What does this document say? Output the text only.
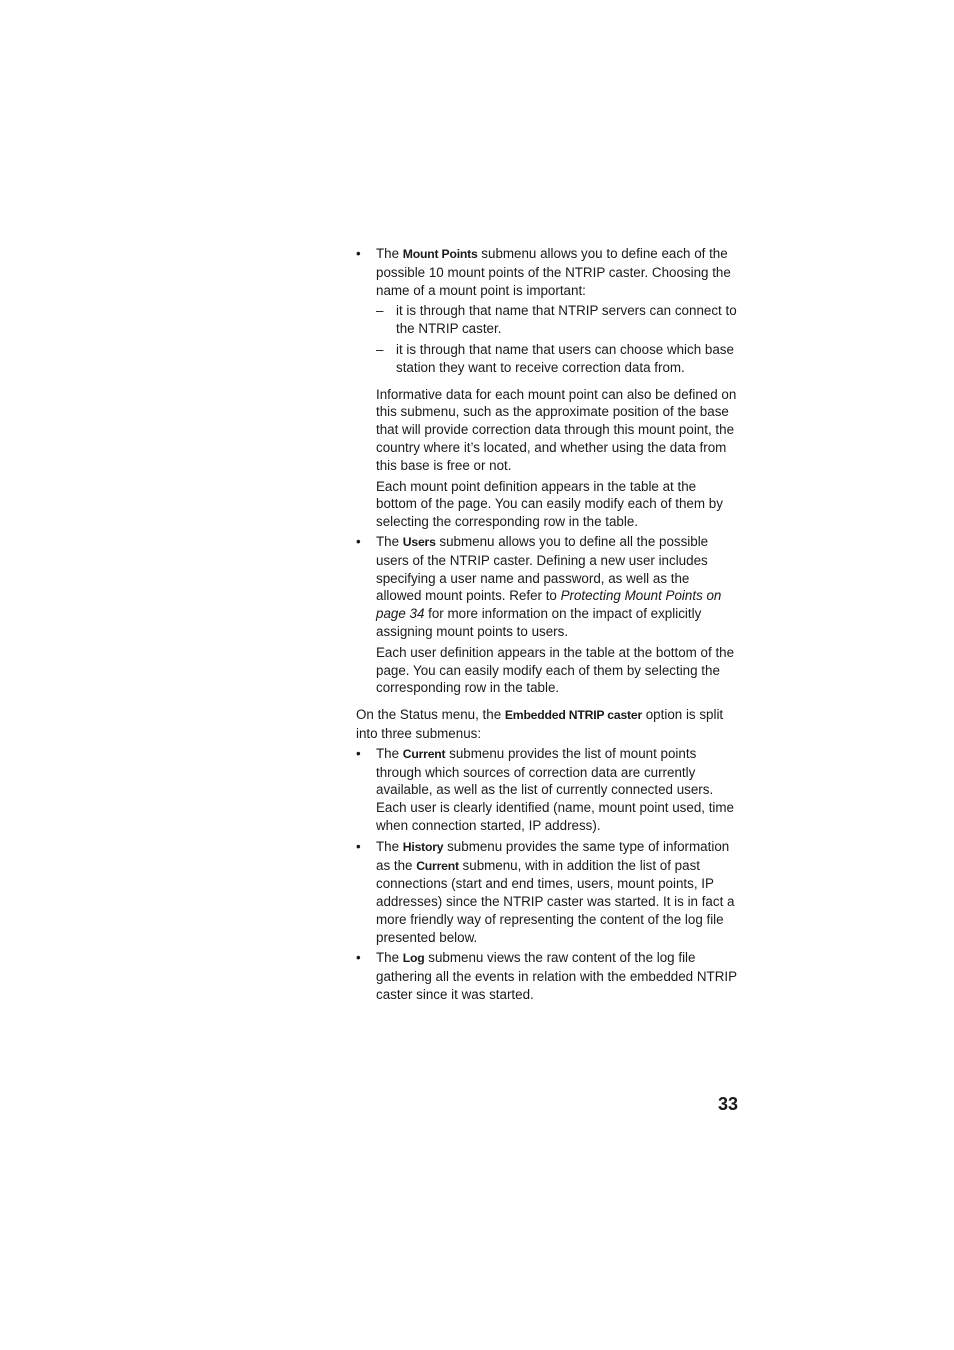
•	The Mount Points submenu allows you to define each of the possible 10 mount points of the NTRIP caster. Choosing the name of a mount point is important:
– it is through that name that NTRIP servers can connect to the NTRIP caster.
– it is through that name that users can choose which base station they want to receive correction data from.

Informative data for each mount point can also be defined on this submenu, such as the approximate position of the base that will provide correction data through this mount point, the country where it’s located, and whether using the data from this base is free or not.

Each mount point definition appears in the table at the bottom of the page. You can easily modify each of them by selecting the corresponding row in the table.

•	The Users submenu allows you to define all the possible users of the NTRIP caster. Defining a new user includes specifying a user name and password, as well as the allowed mount points. Refer to Protecting Mount Points on page 34 for more information on the impact of explicitly assigning mount points to users.

Each user definition appears in the table at the bottom of the page. You can easily modify each of them by selecting the corresponding row in the table.

On the Status menu, the Embedded NTRIP caster option is split into three submenus:

•	The Current submenu provides the list of mount points through which sources of correction data are currently available, as well as the list of currently connected users. Each user is clearly identified (name, mount point used, time when connection started, IP address).
•	The History submenu provides the same type of information as the Current submenu, with in addition the list of past connections (start and end times, users, mount points, IP addresses) since the NTRIP caster was started. It is in fact a more friendly way of representing the content of the log file presented below.
•	The Log submenu views the raw content of the log file gathering all the events in relation with the embedded NTRIP caster since it was started.
33
